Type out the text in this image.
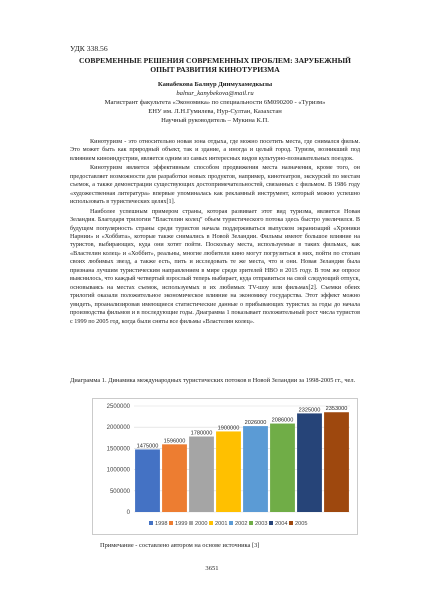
УДК 338.56
СОВРЕМЕННЫЕ РЕШЕНИЯ СОВРЕМЕННЫХ ПРОБЛЕМ: ЗАРУБЕЖНЫЙ ОПЫТ РАЗВИТИЯ КИНОТУРИЗМА
Канабекова Балнур Динмухамедкызы
balnur_kanybekova@mail.ru
Магистрант факультета «Экономика» по специальности 6М090200 - «Туризм»
ЕНУ им. Л.Н.Гумилева, Нур-Султан, Казахстан
Научный руководитель – Мукина К.П.

Кинотуризм - это относительно новая зона отдыха, где можно посетить места, где снимался фильм. Это может быть как природный объект, так и здание, а иногда и целый город. Туризм, возникший под влиянием киноиндустрии, является одним из самых интересных видов культурно-познавательных поездок.

Кинотуризм является эффективным способом продвижения места назначения, кроме того, он предоставляет возможности для разработки новых продуктов, например, кинотеатров, экскурсий по местам съемок, а также демонстрации существующих достопримечательностей, связанных с фильмом. В 1986 году «художественная литература» впервые упоминалась как рекламный инструмент, который можно успешно использовать в туристических целях[1].

Наиболее успешным примером страны, которая развивает этот вид туризма, является Новая Зеландия. Благодаря трилогии "Властелин колец" объем туристического потока здесь быстро увеличился. В будущем популярность страны среди туристов начала поддерживаться выпуском экранизаций «Хроники Нарнии» и «Хоббита», которые также снимались в Новой Зеландии. Фильмы имеют большое влияние на туристов, выбирающих, куда они хотят пойти. Поскольку места, используемые в таких фильмах, как «Властелин колец» и «Хоббит», реальны, многие любители кино могут погрузиться в них, пойти по стопам своих любимых звезд, а также есть, пить и исследовать те же места, что и они. Новая Зеландия была признана лучшим туристическим направлением в мире среди зрителей HBO в 2015 году. В том же опросе выяснилось, что каждый четвертый взрослый теперь выбирает, куда отправиться на свой следующий отпуск, основываясь на местах съемок, используемых в их любимых TV-шоу или фильмах[2]. Съемки обеих трилогий оказали положительное экономическое влияние на экономику государства. Этот эффект можно увидеть, проанализировав имеющиеся статистические данные о прибывающих туристах за годы до начала производства фильмов и в последующие годы. Диаграмма 1 показывает положительный рост числа туристов с 1999 по 2005 год, когда были сняты все фильмы «Властелин колец».

Диаграмма 1. Динамика международных туристических потоков в Новой Зеландии за 1998-2005 гг., чел.
0
500000
1000000
1500000
2000000
2500000
1475000
1596000
1780000
1900000
2026000 2086000
2325000 2353000
1998 1999 2000 2001 2002 2003 2004 2005
Примечание - составлено автором на основе источника [3]
3651
